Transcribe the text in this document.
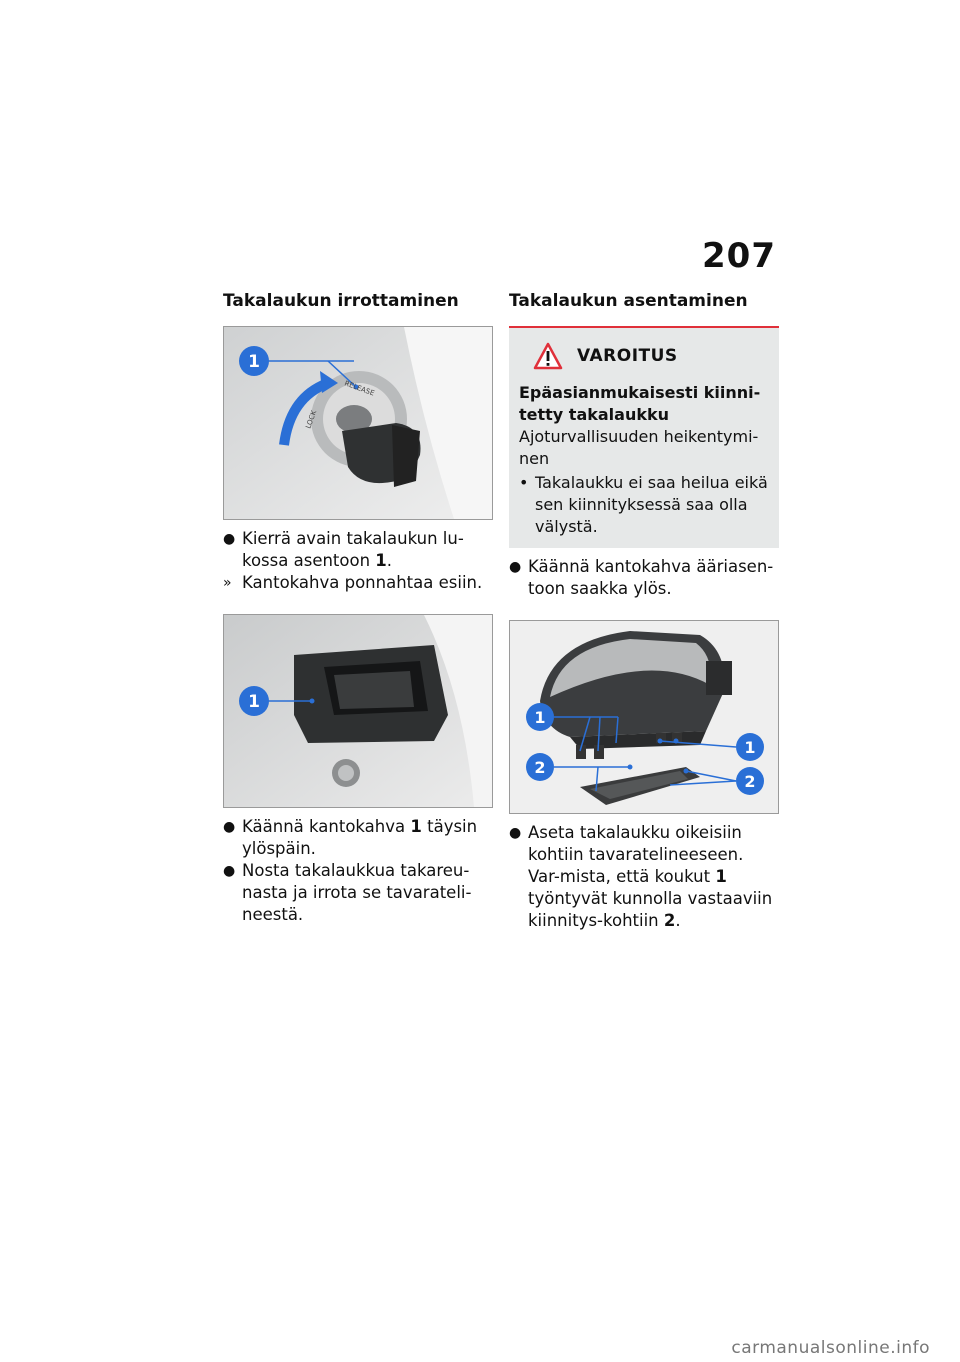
207
Takalaukun irrottaminen
1
RELEASE
LOCK
● Kierrä avain takalaukun lu-kossa asentoon 1.
» Kantokahva ponnahtaa esiin.
1
● Käännä kantokahva 1 täysin ylöspäin.
● Nosta takalaukkua takareu-nasta ja irrota se tavarateli-neestä.
Takalaukun asentaminen
VAROITUS
Epäasianmukaisesti kiinni-tetty takalaukku
Ajoturvallisuuden heikentymi-nen
• Takalaukku ei saa heilua eikä sen kiinnityksessä saa olla välystä.
● Käännä kantokahva ääriasen-toon saakka ylös.
1
1
2
2
● Aseta takalaukku oikeisiin kohtiin tavaratelineeseen. Var-mista, että koukut 1 työntyvät kunnolla vastaaviin kiinnitys-kohtiin 2.
carmanualsonline.info
